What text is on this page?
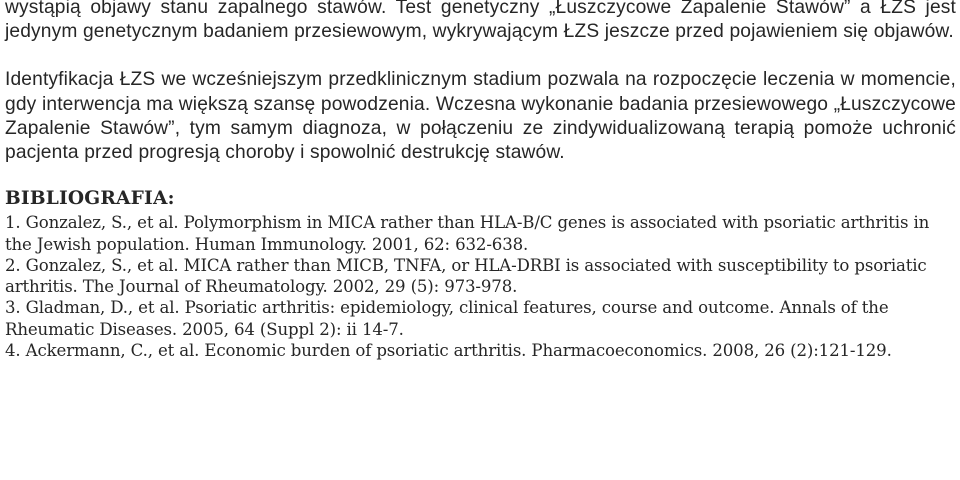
wystąpią objawy stanu zapalnego stawów. Test genetyczny „Łuszczycowe Zapalenie Stawów” a ŁZS jest jedynym genetycznym badaniem przesiewowym, wykrywającym ŁZS jeszcze przed pojawieniem się objawów.

Identyfikacja ŁZS we wcześniejszym przedklinicznym stadium pozwala na rozpoczęcie leczenia w momencie, gdy interwencja ma większą szansę powodzenia. Wczesna wykonanie badania przesiewowego „Łuszczycowe Zapalenie Stawów”, tym samym diagnoza, w połączeniu ze zindywidualizowaną terapią pomoże uchronić pacjenta przed progresją choroby i spowolnić destrukcję stawów.

BIBLIOGRAFIA:

1. Gonzalez, S., et al. Polymorphism in MICA rather than HLA-B/C genes is associated with psoriatic arthritis in the Jewish population. Human Immunology. 2001, 62: 632-638.

2. Gonzalez, S., et al. MICA rather than MICB, TNFA, or HLA-DRBI is associated with susceptibility to psoriatic arthritis. The Journal of Rheumatology. 2002, 29 (5): 973-978.

3. Gladman, D., et al. Psoriatic arthritis: epidemiology, clinical features, course and outcome. Annals of the Rheumatic Diseases. 2005, 64 (Suppl 2): ii 14-7.

4. Ackermann, C., et al. Economic burden of psoriatic arthritis. Pharmacoeconomics. 2008, 26 (2):121-129.
